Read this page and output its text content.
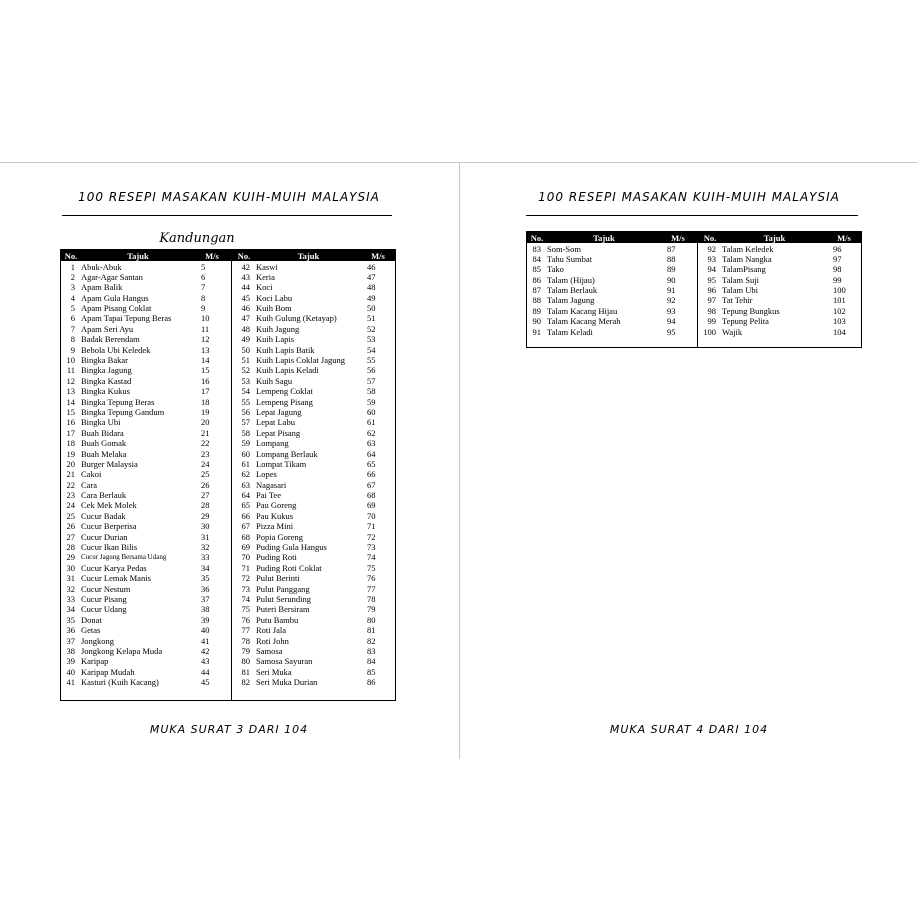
100 RESEPI MASAKAN KUIH-MUIH MALAYSIA
Kandungan
No.	Tajuk	M/s
1 Abuk-Abuk	5
2 Agar-Agar Santan	6
3 Apam Balik	7
4 Apam Gula Hangus	8
5 Apam Pisang Coklat	9
6 Apam Tapai Tepung Beras	10
7 Apam Seri Ayu	11
8 Badak Berendam	12
9 Bebola Ubi Keledek	13
10 Bingka Bakar	14
11 Bingka Jagung	15
12 Bingka Kastad	16
13 Bingka Kukus	17
14 Bingka Tepung Beras	18
15 Bingka Tepung Gandum	19
16 Bingka Ubi	20
17 Buah Bidara	21
18 Buah Gomak	22
19 Buah Melaka	23
20 Burger Malaysia	24
21 Cakoi	25
22 Cara	26
23 Cara Berlauk	27
24 Cek Mek Molek	28
25 Cucur Badak	29
26 Cucur Berperisa	30
27 Cucur Durian	31
28 Cucur Ikan Bilis	32
29 Cucur Jagung Bersama Udang	33
30 Cucur Karya Pedas	34
31 Cucur Lemak Manis	35
32 Cucur Nestum	36
33 Cucur Pisang	37
34 Cucur Udang	38
35 Donat	39
36 Getas	40
37 Jongkong	41
38 Jongkong Kelapa Muda	42
39 Karipap	43
40 Karipap Mudah	44
41 Kasturi (Kuih Kacang)	45
No.	Tajuk	M/s
42 Kaswi	46
43 Keria	47
44 Koci	48
45 Koci Labu	49
46 Kuih Bom	50
47 Kuih Gulung (Ketayap)	51
48 Kuih Jagung	52
49 Kuih Lapis	53
50 Kuih Lapis Batik	54
51 Kuih Lapis Coklat Jagung	55
52 Kuih Lapis Keladi	56
53 Kuih Sagu	57
54 Lempeng Coklat	58
55 Lempeng Pisang	59
56 Lepat Jagung	60
57 Lepat Labu	61
58 Lepat Pisang	62
59 Lompang	63
60 Lompang Berlauk	64
61 Lompat Tikam	65
62 Lopes	66
63 Nagasari	67
64 Pai Tee	68
65 Pau Goreng	69
66 Pau Kukus	70
67 Pizza Mini	71
68 Popia Goreng	72
69 Puding Gula Hangus	73
70 Puding Roti	74
71 Puding Roti Coklat	75
72 Pulut Berinti	76
73 Pulut Panggang	77
74 Pulut Serunding	78
75 Puteri Bersiram	79
76 Putu Bambu	80
77 Roti Jala	81
78 Roti John	82
79 Samosa	83
80 Samosa Sayuran	84
81 Seri Muka	85
82 Seri Muka Durian	86
MUKA SURAT 3 DARI 104
100 RESEPI MASAKAN KUIH-MUIH MALAYSIA
No.	Tajuk	M/s
83 Som-Som	87
84 Tahu Sumbat	88
85 Tako	89
86 Talam (Hijau)	90
87 Talam Berlauk	91
88 Talam Jagung	92
89 Talam Kacang Hijau	93
90 Talam Kacang Merah	94
91 Talam Keladi	95
No.	Tajuk	M/s
92 Talam Keledek	96
93 Talam Nangka	97
94 TalamPisang	98
95 Talam Suji	99
96 Talam Ubi	100
97 Tat Tehir	101
98 Tepung Bungkus	102
99 Tepung Pelita	103
100 Wajik	104
MUKA SURAT 4 DARI 104
